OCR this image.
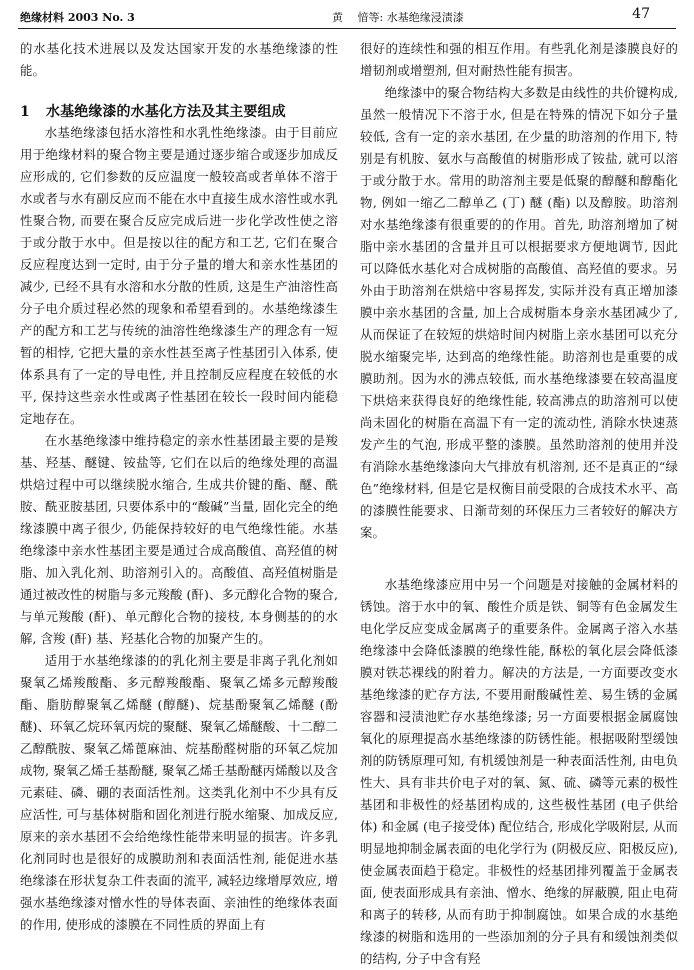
绝缘材料 2003 No. 3	黄　 愔等: 水基绝缘浸渍漆	47

的水基化技术进展以及发达国家开发的水基绝缘漆的性能。

1 水基绝缘漆的水基化方法及其主要组成

水基绝缘漆包括水溶性和水乳性绝缘漆。由于目前应用于绝缘材料的聚合物主要是通过逐步缩合或逐步加成反应形成的, 它们参数的反应温度一般较高或者单体不溶于水或者与水有副反应而不能在水中直接生成水溶性或水乳性聚合物, 而要在聚合反应完成后进一步化学改性使之溶于或分散于水中。但是按以往的配方和工艺, 它们在聚合反应程度达到一定时, 由于分子量的增大和亲水性基团的减少, 已经不具有水溶和水分散的性质, 这是生产油溶性高分子电介质过程必然的现象和希望看到的。水基绝缘漆生产的配方和工艺与传统的油溶性绝缘漆生产的理念有一短暂的相悖, 它把大量的亲水性甚至离子性基团引入体系, 使体系具有了一定的导电性, 并且控制反应程度在较低的水平, 保持这些亲水性或离子性基团在较长一段时间内能稳定地存在。

在水基绝缘漆中维持稳定的亲水性基团最主要的是羧基、羟基、醚键、铵盐等, 它们在以后的绝缘处理的高温烘焙过程中可以继续脱水缩合, 生成共价键的酯、醚、酰胺、酰亚胺基团, 只要体系中的“酸碱”当量, 固化完全的绝缘漆膜中离子很少, 仍能保持较好的电气绝缘性能。水基绝缘漆中亲水性基团主要是通过合成高酸值、高羟值的树脂、加入乳化剂、助溶剂引入的。高酸值、高羟值树脂是通过被改性的树脂与多元羧酸 (酐)、多元醇化合物的聚合, 与单元羧酸 (酐)、单元醇化合物的接枝, 本身侧基的的水解, 含羧 (酐) 基、羟基化合物的加聚产生的。

适用于水基绝缘漆的的乳化剂主要是非离子乳化剂如聚氧乙烯羧酸酯、多元醇羧酸酯、聚氧乙烯多元醇羧酸酯、脂肪醇聚氧乙烯醚 (醇醚)、烷基酚聚氧乙烯醚 (酚醚)、环氧乙烷环氧丙烷的聚醚、聚氧乙烯醚酸、十二醇二乙醇酰胺、聚氧乙烯蓖麻油、烷基酚醛树脂的环氧乙烷加成物, 聚氧乙烯壬基酚醚, 聚氧乙烯壬基酚醚丙烯酸以及含元素硅、磷、硼的表面活性剂。这类乳化剂中不少具有反应活性, 可与基体树脂和固化剂进行脱水缩聚、加成反应, 原来的亲水基团不会给绝缘性能带来明显的损害。许多乳化剂同时也是很好的成膜助剂和表面活性剂, 能促进水基绝缘漆在形状复杂工件表面的流平, 减轻边缘增厚效应, 增强水基绝缘漆对憎水性的导体表面、亲油性的绝缘体表面的作用, 使形成的漆膜在不同性质的界面上有

很好的连续性和强的相互作用。有些乳化剂是漆膜良好的增韧剂或增塑剂, 但对耐热性能有损害。

绝缘漆中的聚合物结构大多数是由线性的共价键构成, 虽然一般情况下不溶于水, 但是在特殊的情况下如分子量较低, 含有一定的亲水基团, 在少量的助溶剂的作用下, 特别是有机胺、氨水与高酸值的树脂形成了铵盐, 就可以溶于或分散于水。常用的助溶剂主要是低聚的醇醚和醇酯化物, 例如一缩乙二醇单乙 (丁) 醚 (酯) 以及醇胺。助溶剂对水基绝缘漆有很重要的的作用。首先, 助溶剂增加了树脂中亲水基团的含量并且可以根据要求方便地调节, 因此可以降低水基化对合成树脂的高酸值、高羟值的要求。另外由于助溶剂在烘焙中容易挥发, 实际并没有真正增加漆膜中亲水基团的含量, 加上合成树脂本身亲水基团减少了, 从而保证了在较短的烘焙时间内树脂上亲水基团可以充分脱水缩聚完毕, 达到高的绝缘性能。助溶剂也是重要的成膜助剂。因为水的沸点较低, 而水基绝缘漆要在较高温度下烘焙来获得良好的绝缘性能, 较高沸点的助溶剂可以使尚未固化的树脂在高温下有一定的流动性, 消除水快速蒸发产生的气泡, 形成平整的漆膜。虽然助溶剂的使用并没有消除水基绝缘漆向大气排放有机溶剂, 还不是真正的“绿色”绝缘材料, 但是它是权衡目前受限的合成技术水平、高的漆膜性能要求、日渐苛刻的环保压力三者较好的解决方案。

水基绝缘漆应用中另一个问题是对接触的金属材料的锈蚀。溶于水中的氧、酸性介质是铁、铜等有色金属发生电化学反应变成金属离子的重要条件。金属离子溶入水基绝缘漆中会降低漆膜的绝缘性能, 酥松的氧化层会降低漆膜对铁芯裸线的附着力。解决的方法是, 一方面要改变水基绝缘漆的贮存方法, 不要用耐酸碱性差、易生锈的金属容器和浸渍池贮存水基绝缘漆; 另一方面要根据金属腐蚀氧化的原理提高水基绝缘漆的防锈性能。根据吸附型缓蚀剂的防锈原理可知, 有机缓蚀剂是一种表面活性剂, 由电负性大、具有非共价电子对的氧、氮、硫、磷等元素的极性基团和非极性的烃基团构成的, 这些极性基团 (电子供给体) 和金属 (电子接受体) 配位结合, 形成化学吸附层, 从而明显地抑制金属表面的电化学行为 (阴极反应、阳极反应), 使金属表面趋于稳定。非极性的烃基团排列覆盖于金属表面, 使表面形成具有亲油、憎水、绝缘的屏蔽膜, 阻止电荷和离子的转移, 从而有助于抑制腐蚀。如果合成的水基绝缘漆的树脂和选用的一些添加剂的分子具有和缓蚀剂类似的结构, 分子中含有羟
